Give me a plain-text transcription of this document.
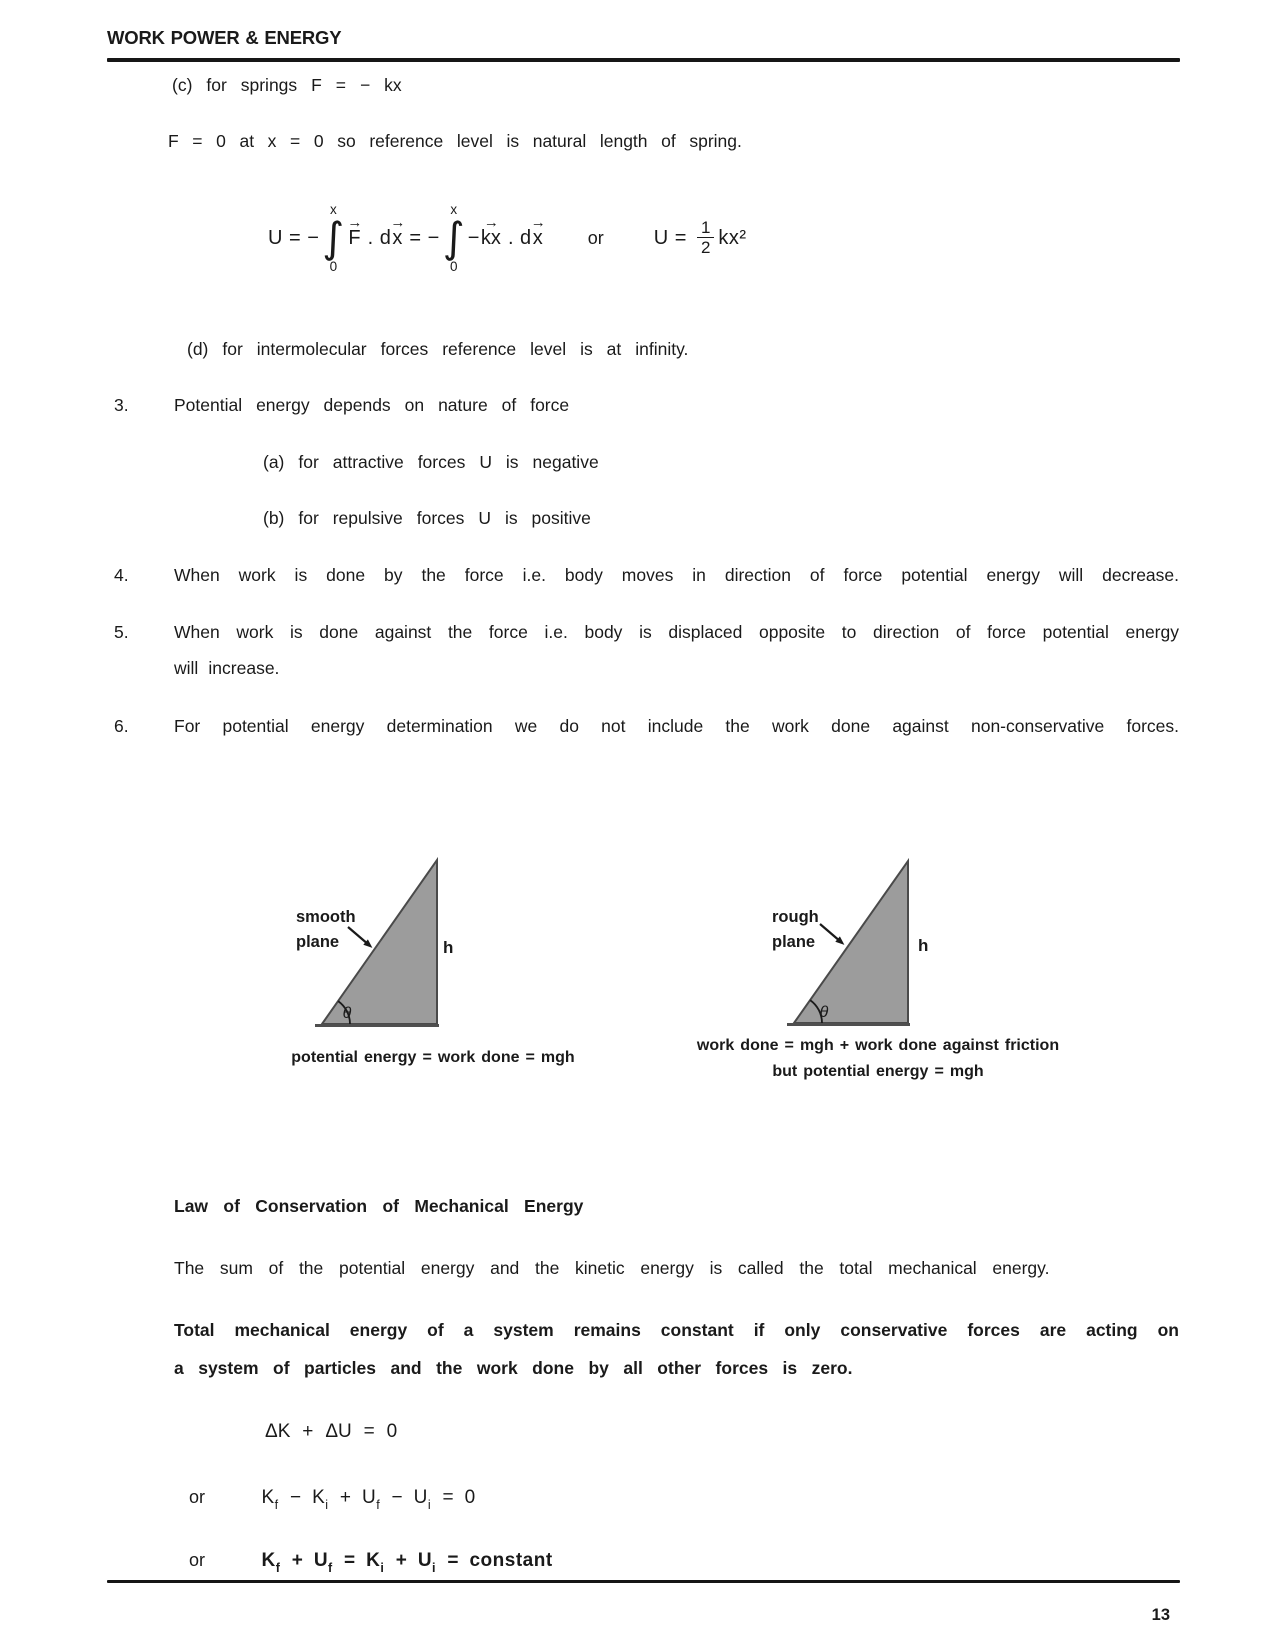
WORK POWER & ENERGY
(c) for springs F = − kx
F = 0 at x = 0 so reference level is natural length of spring.
U = −
x
∫
0
→
F . d
→
x = −
x
∫
0
−
→
kx . d
→
x	or	$U = \frac{1}{2} kx^2$
(d) for intermolecular forces reference level is at infinity.
3.	Potential energy depends on nature of force
(a) for attractive forces U is negative
(b) for repulsive forces U is positive
4.	When work is done by the force i.e. body moves in direction of force potential energy will decrease.
5.	When work is done against the force i.e. body is displaced opposite to direction of force potential energy
will increase.
6.	For potential energy determination we do not include the work done against non-conservative forces.
smooth
plane	h
θ
potential energy = work done = mgh
rough
plane	h
θ
work done = mgh + work done against friction
but potential energy = mgh
Law of Conservation of Mechanical Energy
The sum of the potential energy and the kinetic energy is called the total mechanical energy.
Total mechanical energy of a system remains constant if only conservative forces are acting on
a system of particles and the work done by all other forces is zero.
ΔK + ΔU = 0
or	K f − K i + U f − U i = 0
or	K f + U f = K i + U i = constant
13
